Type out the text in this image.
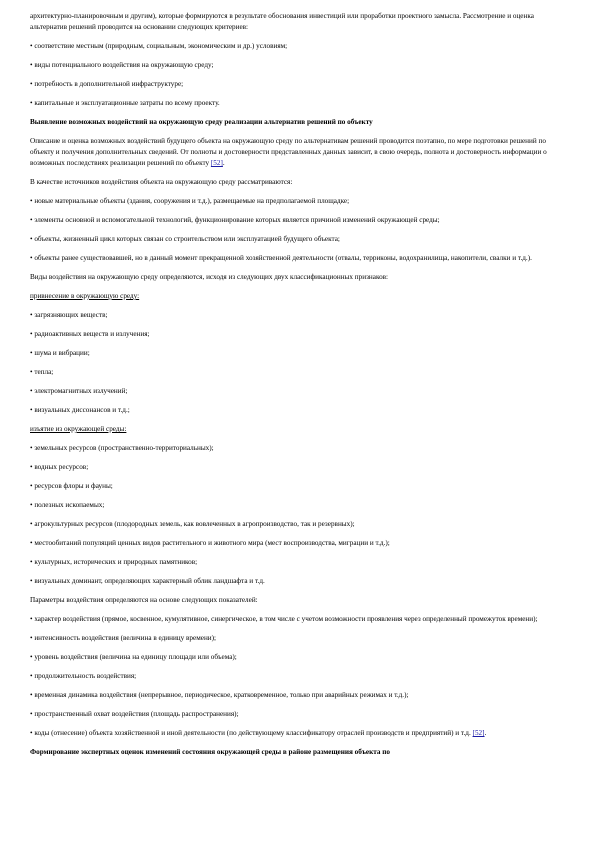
архитектурно-планировочным и другим), которые формируются в результате обоснования инвестиций или проработки проектного замысла. Рассмотрение и оценка альтернатив решений проводится на основании следующих критериев:

• соответствие местным (природным, социальным, экономическим и др.) условиям;

• виды потенциального воздействия на окружающую среду;

• потребность в дополнительной инфраструктуре;

• капитальные и эксплуатационные затраты по всему проекту.

Выявление возможных воздействий на окружающую среду реализации альтернатив решений по объекту

Описание и оценка возможных воздействий будущего объекта на окружающую среду по альтернативам решений проводится поэтапно, по мере подготовки решений по объекту и получения дополнительных сведений. От полноты и достоверности представленных данных зависит, в свою очередь, полнота и достоверность информации о возможных последствиях реализации решений по объекту [52].

В качестве источников воздействия объекта на окружающую среду рассматриваются:

• новые материальные объекты (здания, сооружения и т.д.), размещаемые на предполагаемой площадке;

• элементы основной и вспомогательной технологий, функционирование которых является причиной изменений окружающей среды;

• объекты, жизненный цикл которых связан со строительством или эксплуатацией будущего объекта;

• объекты ранее существовавшей, но в данный момент прекращенной хозяйственной деятельности (отвалы, терриконы, водохранилища, накопители, свалки и т.д.).

Виды воздействия на окружающую среду определяются, исходя из следующих двух классификационных признаков:

привнесение в окружающую среду:

• загрязняющих веществ;

• радиоактивных веществ и излучения;

• шума и вибрации;

• тепла;

• электромагнитных излучений;

• визуальных диссонансов и т.д.;

изъятие из окружающей среды:

• земельных ресурсов (пространственно-территориальных);

• водных ресурсов;

• ресурсов флоры и фауны;

• полезных ископаемых;

• агрокультурных ресурсов (плодородных земель, как вовлеченных в агропроизводство, так и резервных);

• местообитаний популяций ценных видов растительного и животного мира (мест воспроизводства, миграции и т.д.);

• культурных, исторических и природных памятников;

• визуальных доминант, определяющих характерный облик ландшафта и т.д.

Параметры воздействия определяются на основе следующих показателей:

• характер воздействия (прямое, косвенное, кумулятивное, синергическое, в том числе с учетом возможности проявления через определенный промежуток времени);

• интенсивность воздействия (величина в единицу времени);

• уровень воздействия (величина на единицу площади или объема);

• продолжительность воздействия;

• временная динамика воздействия (непрерывное, периодическое, кратковременное, только при аварийных режимах и т.д.);

• пространственный охват воздействия (площадь распространения);

• коды (отнесение) объекта хозяйственной и иной деятельности (по действующему классификатору отраслей производств и предприятий) и т.д. [52].

Формирование экспертных оценок изменений состояния окружающей среды в районе размещения объекта по
